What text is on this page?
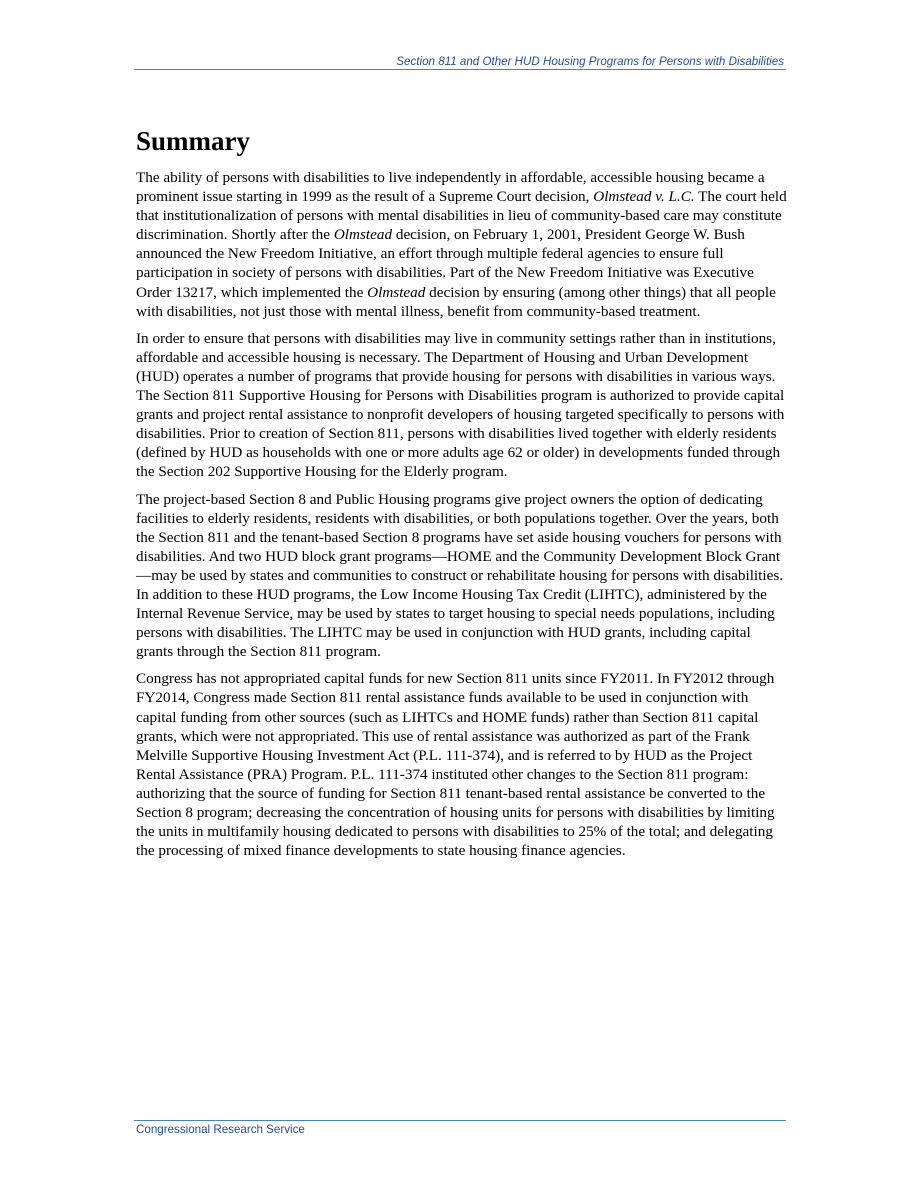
Section 811 and Other HUD Housing Programs for Persons with Disabilities
Summary

The ability of persons with disabilities to live independently in affordable, accessible housing became a prominent issue starting in 1999 as the result of a Supreme Court decision, Olmstead v. L.C. The court held that institutionalization of persons with mental disabilities in lieu of community-based care may constitute discrimination. Shortly after the Olmstead decision, on February 1, 2001, President George W. Bush announced the New Freedom Initiative, an effort through multiple federal agencies to ensure full participation in society of persons with disabilities. Part of the New Freedom Initiative was Executive Order 13217, which implemented the Olmstead decision by ensuring (among other things) that all people with disabilities, not just those with mental illness, benefit from community-based treatment.

In order to ensure that persons with disabilities may live in community settings rather than in institutions, affordable and accessible housing is necessary. The Department of Housing and Urban Development (HUD) operates a number of programs that provide housing for persons with disabilities in various ways. The Section 811 Supportive Housing for Persons with Disabilities program is authorized to provide capital grants and project rental assistance to nonprofit developers of housing targeted specifically to persons with disabilities. Prior to creation of Section 811, persons with disabilities lived together with elderly residents (defined by HUD as households with one or more adults age 62 or older) in developments funded through the Section 202 Supportive Housing for the Elderly program.

The project-based Section 8 and Public Housing programs give project owners the option of dedicating facilities to elderly residents, residents with disabilities, or both populations together. Over the years, both the Section 811 and the tenant-based Section 8 programs have set aside housing vouchers for persons with disabilities. And two HUD block grant programs—HOME and the Community Development Block Grant—may be used by states and communities to construct or rehabilitate housing for persons with disabilities. In addition to these HUD programs, the Low Income Housing Tax Credit (LIHTC), administered by the Internal Revenue Service, may be used by states to target housing to special needs populations, including persons with disabilities. The LIHTC may be used in conjunction with HUD grants, including capital grants through the Section 811 program.

Congress has not appropriated capital funds for new Section 811 units since FY2011. In FY2012 through FY2014, Congress made Section 811 rental assistance funds available to be used in conjunction with capital funding from other sources (such as LIHTCs and HOME funds) rather than Section 811 capital grants, which were not appropriated. This use of rental assistance was authorized as part of the Frank Melville Supportive Housing Investment Act (P.L. 111-374), and is referred to by HUD as the Project Rental Assistance (PRA) Program. P.L. 111-374 instituted other changes to the Section 811 program: authorizing that the source of funding for Section 811 tenant-based rental assistance be converted to the Section 8 program; decreasing the concentration of housing units for persons with disabilities by limiting the units in multifamily housing dedicated to persons with disabilities to 25% of the total; and delegating the processing of mixed finance developments to state housing finance agencies.

Congressional Research Service
